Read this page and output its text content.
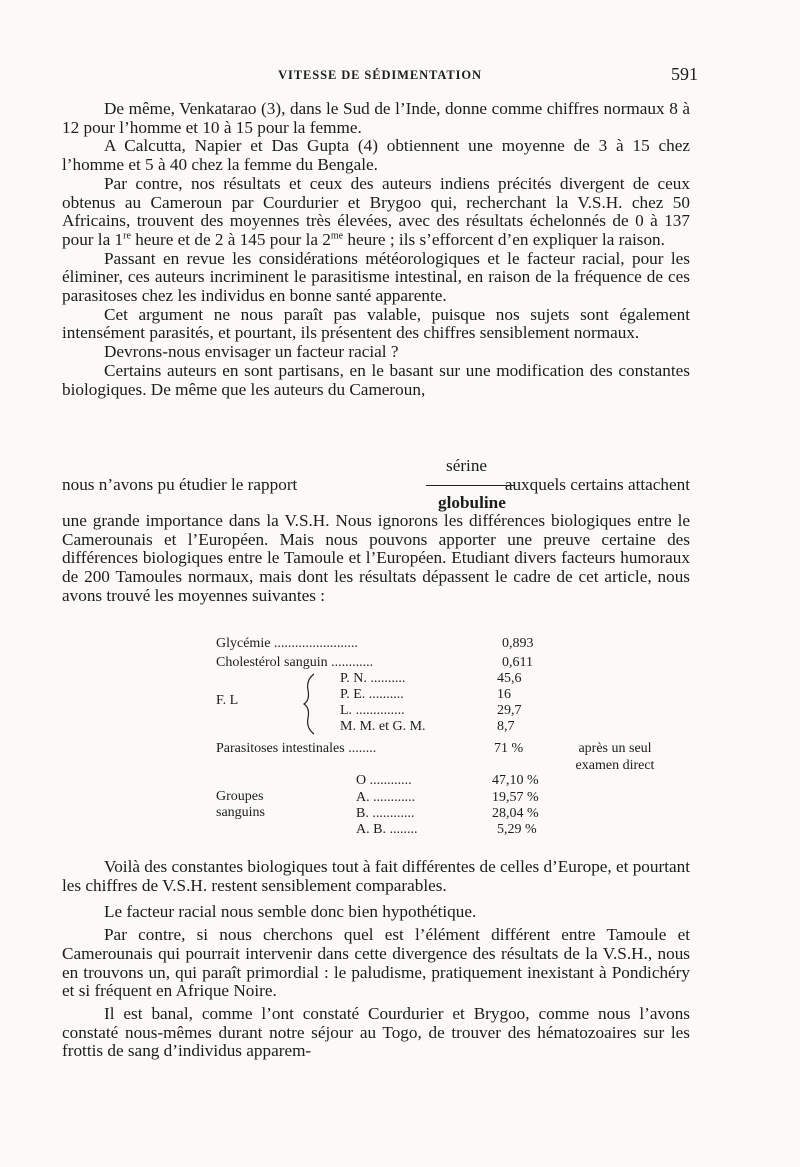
VITESSE DE SÉDIMENTATION	591

De même, Venkatarao (3), dans le Sud de l’Inde, donne comme chiffres normaux 8 à 12 pour l’homme et 10 à 15 pour la femme.

A Calcutta, Napier et Das Gupta (4) obtiennent une moyenne de 3 à 15 chez l’homme et 5 à 40 chez la femme du Bengale.

Par contre, nos résultats et ceux des auteurs indiens précités divergent de ceux obtenus au Cameroun par Courdurier et Brygoo qui, recherchant la V.S.H. chez 50 Africains, trouvent des moyennes très élevées, avec des résultats échelonnés de 0 à 137 pour la 1re heure et de 2 à 145 pour la $2^{me}$ heure ; ils s’efforcent d’en expliquer la raison.

Passant en revue les considérations météorologiques et le facteur racial, pour les éliminer, ces auteurs incriminent le parasitisme intestinal, en raison de la fréquence de ces parasitoses chez les individus en bonne santé apparente.

Cet argument ne nous paraît pas valable, puisque nos sujets sont également intensément parasités, et pourtant, ils présentent des chiffres sensiblement normaux.

Devrons-nous envisager un facteur racial ?

Certains auteurs en sont partisans, en le basant sur une modification des constantes biologiques. De même que les auteurs du Cameroun,

sérine
nous n’avons pu étudier le rapport	auxquels certains attachent
globuline

une grande importance dans la V.S.H. Nous ignorons les différences biologiques entre le Camerounais et l’Européen. Mais nous pouvons apporter une preuve certaine des différences biologiques entre le Tamoule et l’Européen. Etudiant divers facteurs humoraux de 200 Tamoules normaux, mais dont les résultats dépassent le cadre de cet article, nous avons trouvé les moyennes suivantes :

Glycémie ........................	0,893
Cholestérol sanguin ............	0,611
F. L
P. N. ..........	45,6
P. E. ..........	16
L. ..............	29,7
M. M. et G. M.	8,7
Parasitoses intestinales ........	71 %	après un seul
examen direct
Groupes
sanguins
O ............	47,10 %
A. ............	19,57 %
B. ............	28,04 %
A. B. ........	5,29 %

Voilà des constantes biologiques tout à fait différentes de celles d’Europe, et pourtant les chiffres de V.S.H. restent sensiblement comparables.

Le facteur racial nous semble donc bien hypothétique.

Par contre, si nous cherchons quel est l’élément différent entre Tamoule et Camerounais qui pourrait intervenir dans cette divergence des résultats de la V.S.H., nous en trouvons un, qui paraît primordial : le paludisme, pratiquement inexistant à Pondichéry et si fréquent en Afrique Noire.

Il est banal, comme l’ont constaté Courdurier et Brygoo, comme nous l’avons constaté nous-mêmes durant notre séjour au Togo, de trouver des hématozoaires sur les frottis de sang d’individus apparem-
